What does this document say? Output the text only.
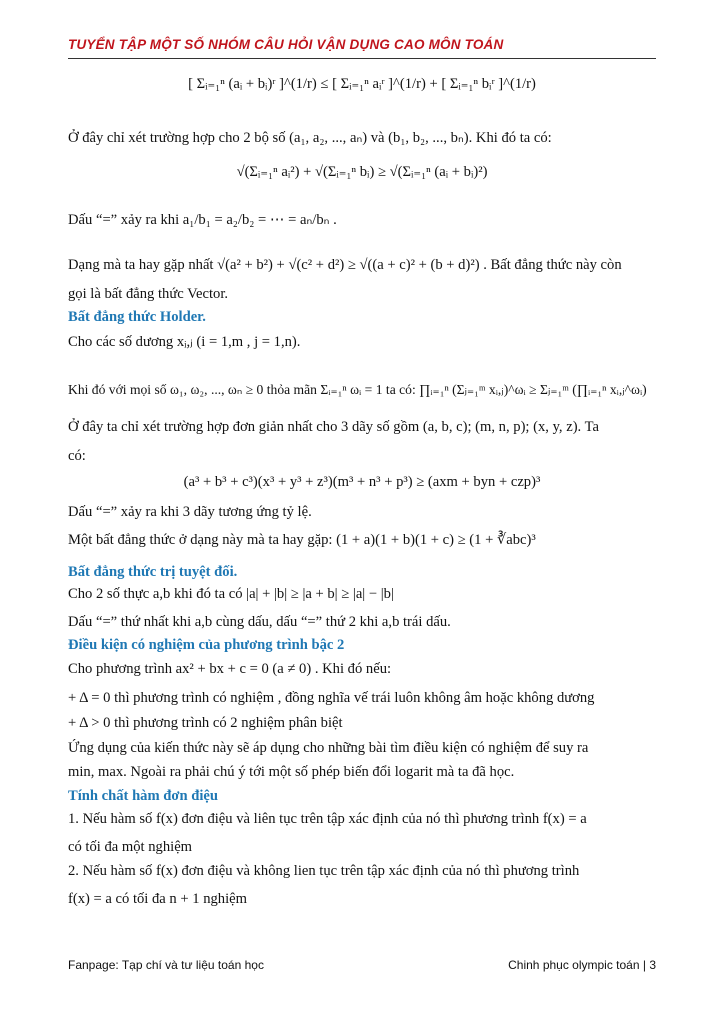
TUYỂN TẬP MỘT SỐ NHÓM CÂU HỎI VẬN DỤNG CAO MÔN TOÁN
[ Σᵢ₌₁ⁿ (aᵢ + bᵢ)ʳ ]^(1/r) ≤ [ Σᵢ₌₁ⁿ aᵢʳ ]^(1/r) + [ Σᵢ₌₁ⁿ bᵢʳ ]^(1/r)
Ở đây chỉ xét trường hợp cho 2 bộ số (a₁, a₂, ..., aₙ) và (b₁, b₂, ..., bₙ). Khi đó ta có:
√(Σᵢ₌₁ⁿ aᵢ²) + √(Σᵢ₌₁ⁿ bᵢ) ≥ √(Σᵢ₌₁ⁿ (aᵢ + bᵢ)²)
Dấu “=” xảy ra khi a₁/b₁ = a₂/b₂ = ⋯ = aₙ/bₙ .
Dạng mà ta hay gặp nhất √(a² + b²) + √(c² + d²) ≥ √((a + c)² + (b + d)²) . Bất đẳng thức này còn
gọi là bất đẳng thức Vector.
Bất đẳng thức Holder.
Cho các số dương xᵢ,ⱼ (i = 1,m , j = 1,n).
Khi đó với mọi số ω₁, ω₂, ..., ωₙ ≥ 0 thỏa mãn Σᵢ₌₁ⁿ ωᵢ = 1 ta có: ∏ᵢ₌₁ⁿ (Σⱼ₌₁ᵐ xᵢ,ⱼ)^ωᵢ ≥ Σⱼ₌₁ᵐ (∏ᵢ₌₁ⁿ xᵢ,ⱼ^ωᵢ)
Ở đây ta chỉ xét trường hợp đơn giản nhất cho 3 dãy số gồm (a, b, c); (m, n, p); (x, y, z). Ta
có:
(a³ + b³ + c³)(x³ + y³ + z³)(m³ + n³ + p³) ≥ (axm + byn + czp)³
Dấu “=” xảy ra khi 3 dãy tương ứng tỷ lệ.
Một bất đẳng thức ở dạng này mà ta hay gặp: (1 + a)(1 + b)(1 + c) ≥ (1 + ∛abc)³
Bất đẳng thức trị tuyệt đối.
Cho 2 số thực a,b khi đó ta có |a| + |b| ≥ |a + b| ≥ |a| − |b|
Dấu “=” thứ nhất khi a,b cùng dấu, dấu “=” thứ 2 khi a,b trái dấu.
Điều kiện có nghiệm của phương trình bậc 2
Cho phương trình ax² + bx + c = 0 (a ≠ 0) . Khi đó nếu:
+ Δ = 0 thì phương trình có nghiệm , đồng nghĩa vế trái luôn không âm hoặc không dương
+ Δ > 0 thì phương trình có 2 nghiệm phân biệt
Ứng dụng của kiến thức này sẽ áp dụng cho những bài tìm điều kiện có nghiệm để suy ra
min, max. Ngoài ra phải chú ý tới một số phép biến đổi logarit mà ta đã học.
Tính chất hàm đơn điệu
1. Nếu hàm số f(x) đơn điệu và liên tục trên tập xác định của nó thì phương trình f(x) = a
có tối đa một nghiệm
2. Nếu hàm số f(x) đơn điệu và không lien tục trên tập xác định của nó thì phương trình
f(x) = a có tối đa n + 1 nghiệm
Fanpage: Tạp chí và tư liệu toán học	Chinh phục olympic toán | 3
